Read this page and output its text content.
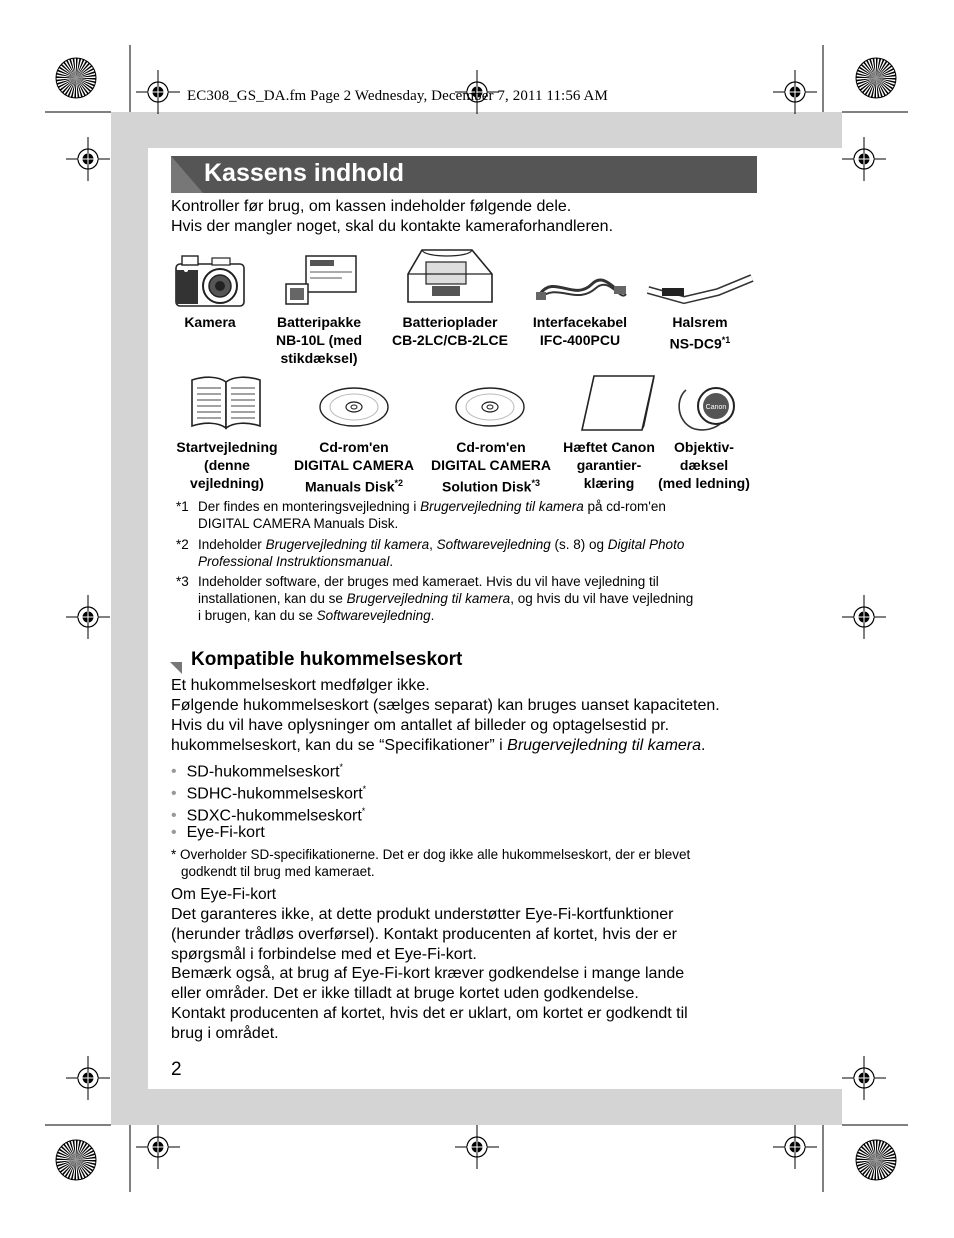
EC308_GS_DA.fm Page 2 Wednesday, December 7, 2011 11:56 AM
Kassens indhold
Kontroller før brug, om kassen indeholder følgende dele.
Hvis der mangler noget, skal du kontakte kameraforhandleren.
Kamera	Batteripakke
NB-10L (med
stikdæksel)
Batterioplader
CB-2LC/CB-2LCE
Interfacekabel
IFC-400PCU
Halsrem
NS-DC9$^{*1}$
Canon
Startvejledning
(denne
vejledning)
Cd-rom'en
DIGITAL CAMERA
Manuals Disk$^{*2}$
Cd-rom'en
DIGITAL CAMERA
Solution Disk$^{*3}$
Hæftet Canon
garantier-
klæring
Objektiv-
dæksel
(med ledning)
*1 Der findes en monteringsvejledning i Brugervejledning til kamera på cd-rom'en
DIGITAL CAMERA Manuals Disk.
*2 Indeholder Brugervejledning til kamera, Softwarevejledning (s. 8) og Digital Photo
Professional Instruktionsmanual.
*3 Indeholder software, der bruges med kameraet. Hvis du vil have vejledning til
installationen, kan du se Brugervejledning til kamera, og hvis du vil have vejledning
i brugen, kan du se Softwarevejledning.
Kompatible hukommelseskort
Et hukommelseskort medfølger ikke.
Følgende hukommelseskort (sælges separat) kan bruges uanset kapaciteten.
Hvis du vil have oplysninger om antallet af billeder og optagelsestid pr.
hukommelseskort, kan du se “Specifikationer” i Brugervejledning til kamera.
• SD-hukommelseskort*
• SDHC-hukommelseskort*
• SDXC-hukommelseskort*
• Eye-Fi-kort
* Overholder SD-specifikationerne. Det er dog ikke alle hukommelseskort, der er blevet
godkendt til brug med kameraet.
Om Eye-Fi-kort
Det garanteres ikke, at dette produkt understøtter Eye-Fi-kortfunktioner
(herunder trådløs overførsel). Kontakt producenten af kortet, hvis der er
spørgsmål i forbindelse med et Eye-Fi-kort.
Bemærk også, at brug af Eye-Fi-kort kræver godkendelse i mange lande
eller områder. Det er ikke tilladt at bruge kortet uden godkendelse.
Kontakt producenten af kortet, hvis det er uklart, om kortet er godkendt til
brug i området.
2
